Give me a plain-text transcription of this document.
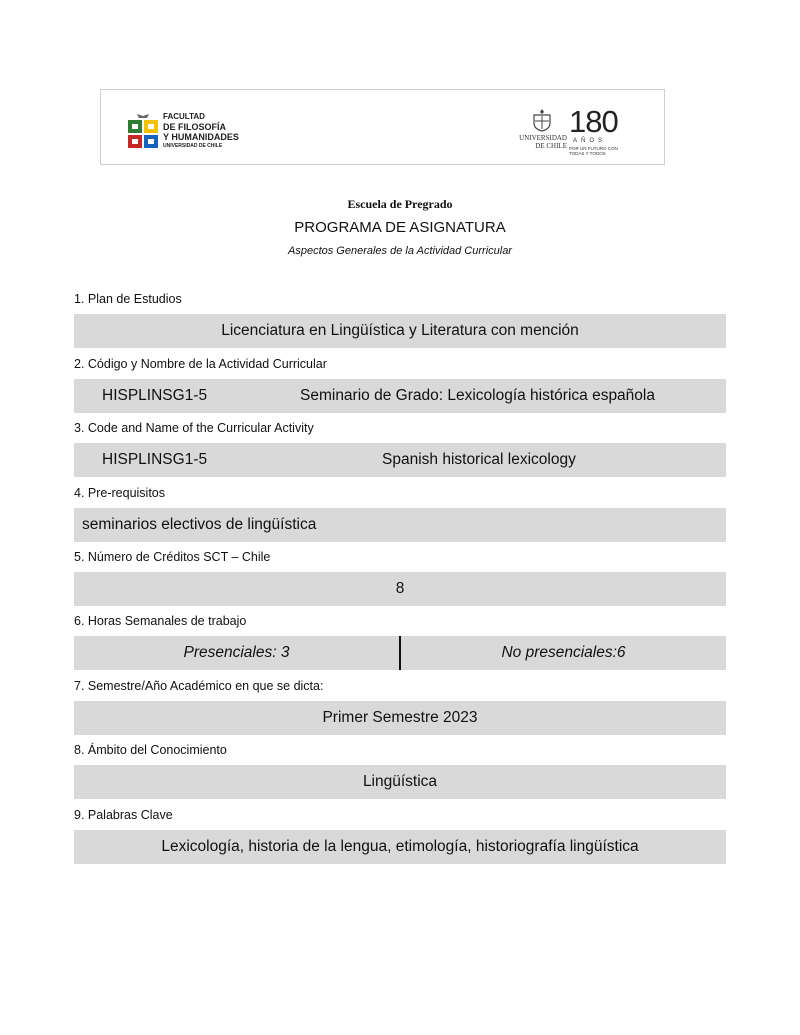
FACULTAD
DE FILOSOFÍA
Y HUMANIDADES
UNIVERSIDAD DE CHILE
UNIVERSIDAD
DE CHILE
180
AÑOS
POR UN FUTURO CON
TODAS Y TODOS
Escuela de Pregrado
PROGRAMA DE ASIGNATURA
Aspectos Generales de la Actividad Curricular
1. Plan de Estudios
Licenciatura en Lingüística y Literatura con mención
2. Código y Nombre de la Actividad Curricular
HISPLINSG1-5	Seminario de Grado: Lexicología histórica española
3. Code and Name of the Curricular Activity
HISPLINSG1-5	Spanish historical lexicology
4. Pre-requisitos
seminarios electivos de lingüística
5. Número de Créditos SCT – Chile
8
6. Horas Semanales de trabajo
Presenciales: 3	No presenciales:6
7. Semestre/Año Académico en que se dicta:
Primer Semestre 2023
8. Ámbito del Conocimiento
Lingüística
9. Palabras Clave
Lexicología, historia de la lengua, etimología, historiografía lingüística
